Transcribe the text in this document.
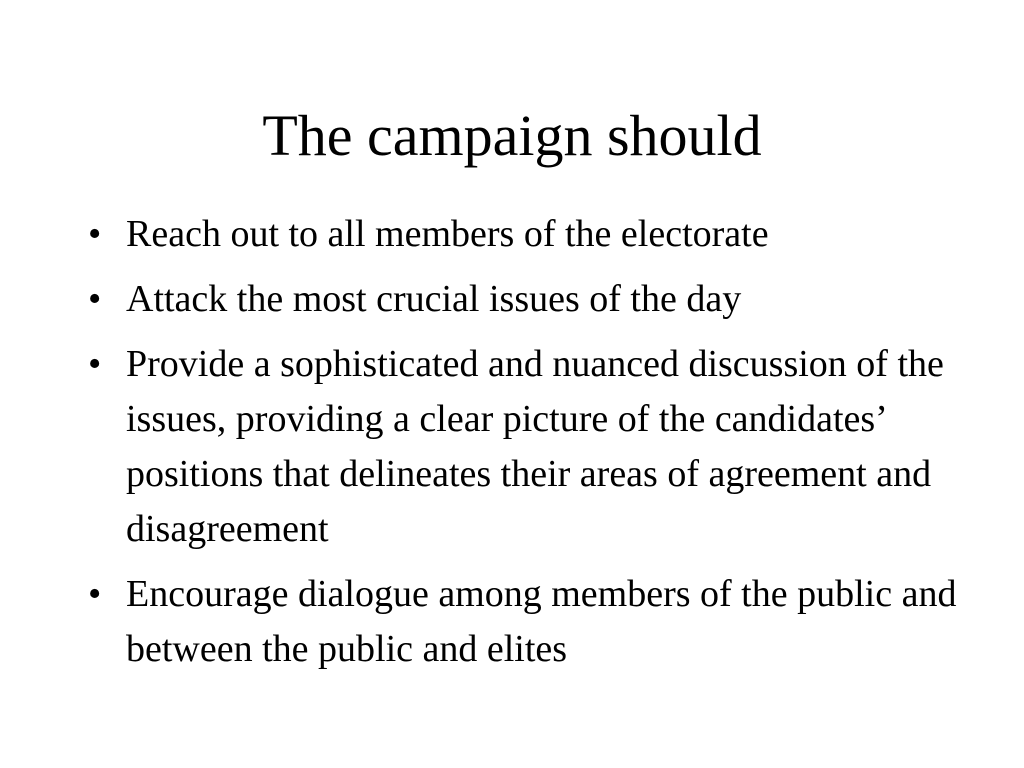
The campaign should
• Reach out to all members of the electorate
• Attack the most crucial issues of the day
• Provide a sophisticated and nuanced discussion of the issues, providing a clear picture of the candidates’ positions that delineates their areas of agreement and disagreement
• Encourage dialogue among members of the public and between the public and elites
